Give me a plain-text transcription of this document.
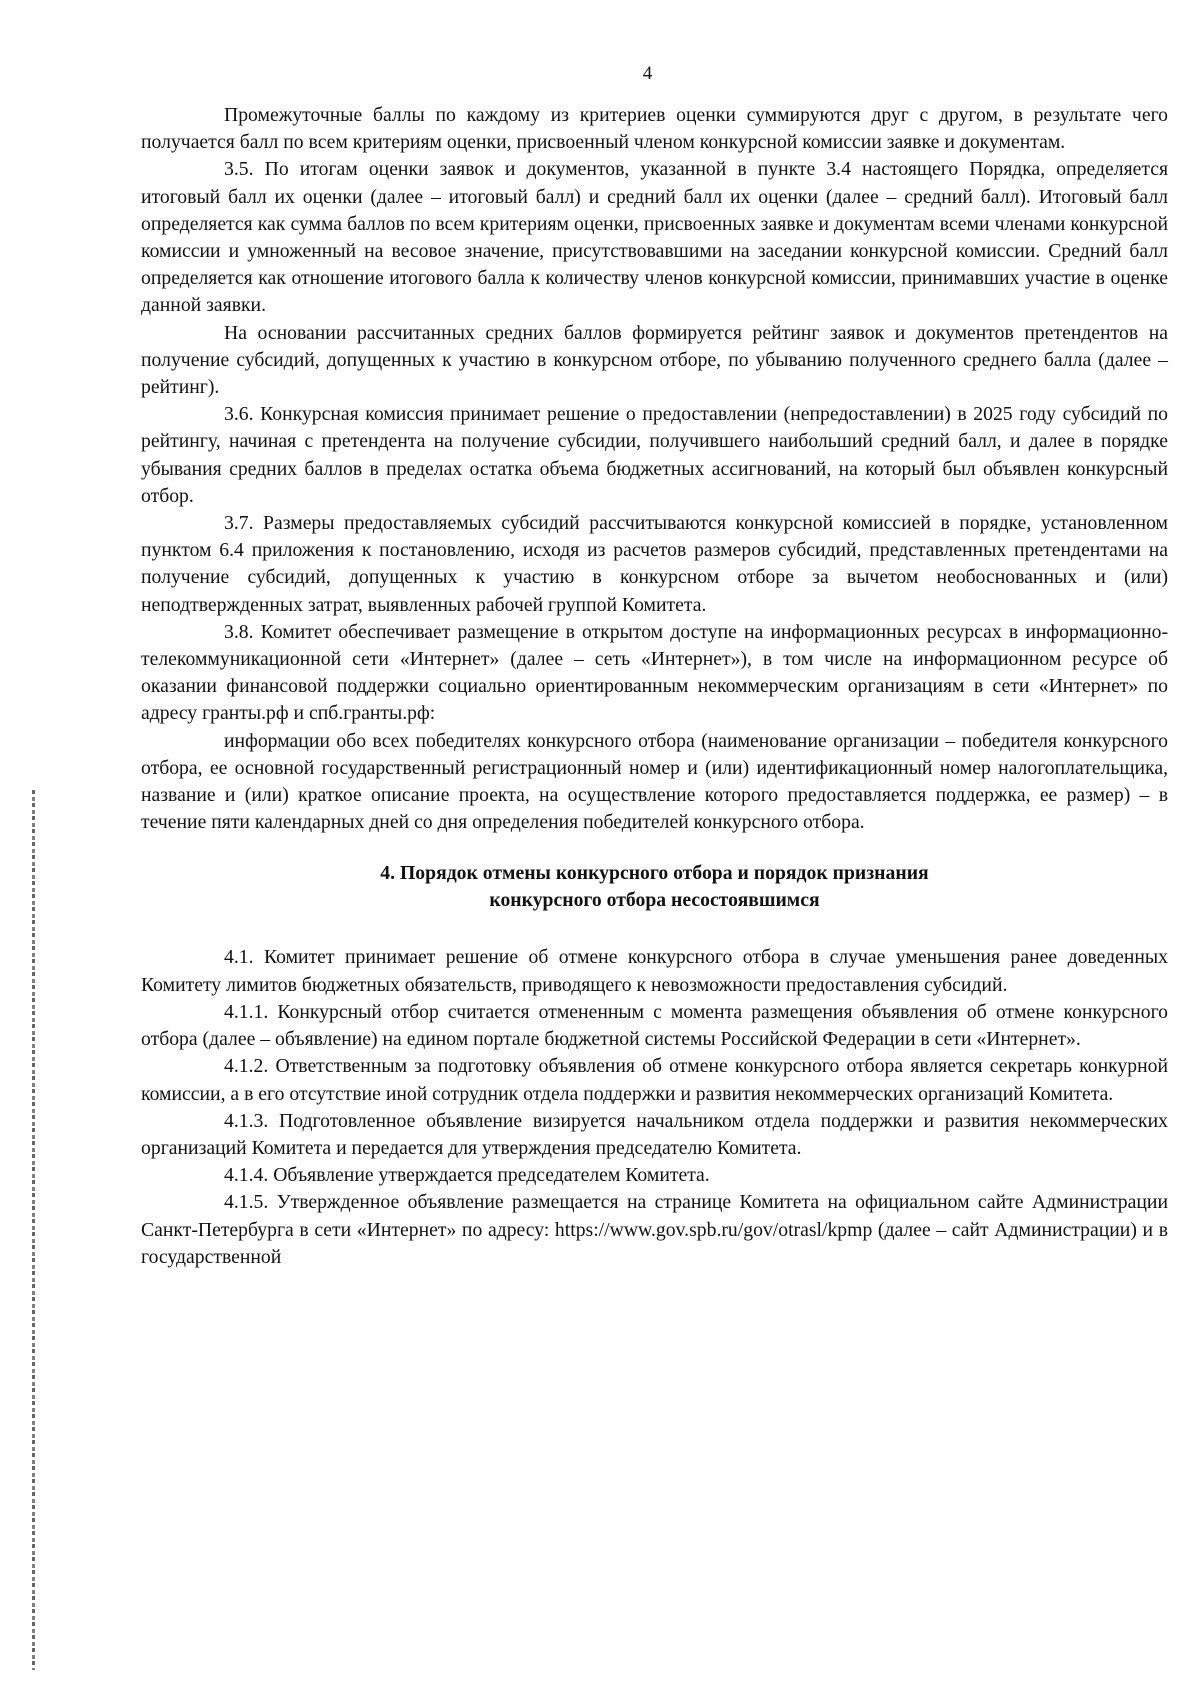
4

Промежуточные баллы по каждому из критериев оценки суммируются друг с другом, в результате чего получается балл по всем критериям оценки, присвоенный членом конкурсной комиссии заявке и документам.

3.5. По итогам оценки заявок и документов, указанной в пункте 3.4 настоящего Порядка, определяется итоговый балл их оценки (далее – итоговый балл) и средний балл их оценки (далее – средний балл). Итоговый балл определяется как сумма баллов по всем критериям оценки, присвоенных заявке и документам всеми членами конкурсной комиссии и умноженный на весовое значение, присутствовавшими на заседании конкурсной комиссии. Средний балл определяется как отношение итогового балла к количеству членов конкурсной комиссии, принимавших участие в оценке данной заявки.

На основании рассчитанных средних баллов формируется рейтинг заявок и документов претендентов на получение субсидий, допущенных к участию в конкурсном отборе, по убыванию полученного среднего балла (далее – рейтинг).

3.6. Конкурсная комиссия принимает решение о предоставлении (непредоставлении) в 2025 году субсидий по рейтингу, начиная с претендента на получение субсидии, получившего наибольший средний балл, и далее в порядке убывания средних баллов в пределах остатка объема бюджетных ассигнований, на который был объявлен конкурсный отбор.

3.7. Размеры предоставляемых субсидий рассчитываются конкурсной комиссией в порядке, установленном пунктом 6.4 приложения к постановлению, исходя из расчетов размеров субсидий, представленных претендентами на получение субсидий, допущенных к участию в конкурсном отборе за вычетом необоснованных и (или) неподтвержденных затрат, выявленных рабочей группой Комитета.

3.8. Комитет обеспечивает размещение в открытом доступе на информационных ресурсах в информационно-телекоммуникационной сети «Интернет» (далее – сеть «Интернет»), в том числе на информационном ресурсе об оказании финансовой поддержки социально ориентированным некоммерческим организациям в сети «Интернет» по адресу гранты.рф и спб.гранты.рф:

информации обо всех победителях конкурсного отбора (наименование организации – победителя конкурсного отбора, ее основной государственный регистрационный номер и (или) идентификационный номер налогоплательщика, название и (или) краткое описание проекта, на осуществление которого предоставляется поддержка, ее размер) – в течение пяти календарных дней со дня определения победителей конкурсного отбора.

4. Порядок отмены конкурсного отбора и порядок признания
конкурсного отбора несостоявшимся

4.1. Комитет принимает решение об отмене конкурсного отбора в случае уменьшения ранее доведенных Комитету лимитов бюджетных обязательств, приводящего к невозможности предоставления субсидий.

4.1.1. Конкурсный отбор считается отмененным с момента размещения объявления об отмене конкурсного отбора (далее – объявление) на едином портале бюджетной системы Российской Федерации в сети «Интернет».

4.1.2. Ответственным за подготовку объявления об отмене конкурсного отбора является секретарь конкурной комиссии, а в его отсутствие иной сотрудник отдела поддержки и развития некоммерческих организаций Комитета.

4.1.3. Подготовленное объявление визируется начальником отдела поддержки и развития некоммерческих организаций Комитета и передается для утверждения председателю Комитета.

4.1.4. Объявление утверждается председателем Комитета.

4.1.5. Утвержденное объявление размещается на странице Комитета на официальном сайте Администрации Санкт-Петербурга в сети «Интернет» по адресу: https://www.gov.spb.ru/gov/otrasl/kpmp (далее – сайт Администрации) и в государственной
